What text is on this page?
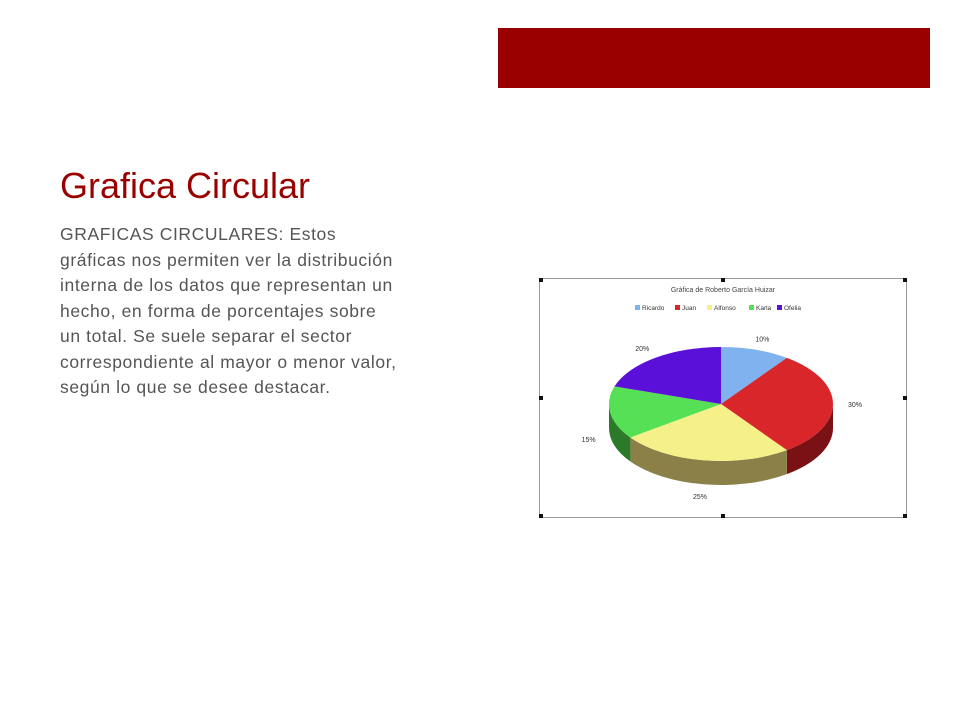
Grafica Circular

GRAFICAS CIRCULARES: Estos gráficas nos permiten ver la distribución interna de los datos que representan un hecho, en forma de porcentajes sobre un total. Se suele separar el sector correspondiente al mayor o menor valor, según lo que se desee destacar.

Gráfica de Roberto García Huizar
Ricardo	Juan	Alfonso	Karla Ofelia
10%
30%
25%
15%
20%
